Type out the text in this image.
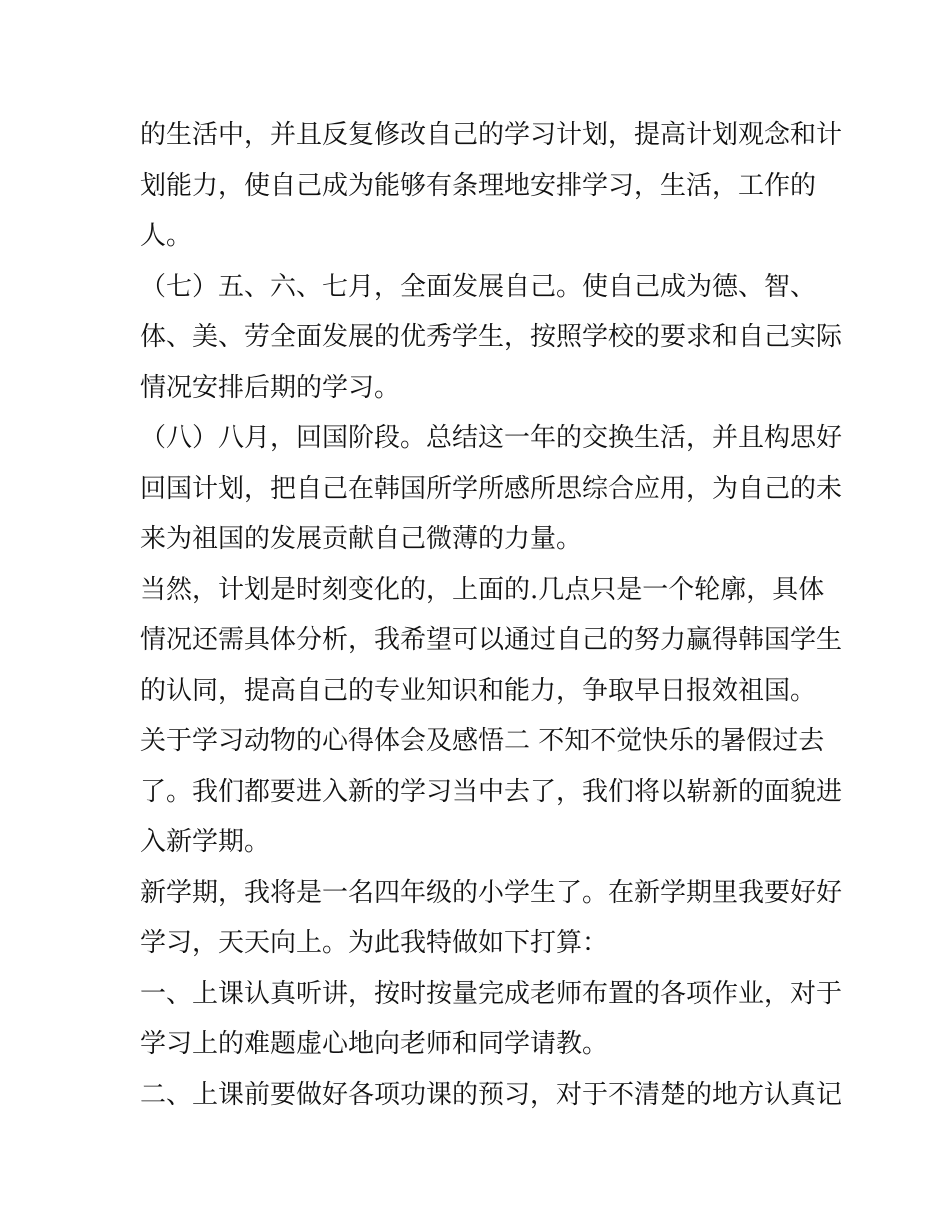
的生活中，并且反复修改自己的学习计划，提高计划观念和计
划能力，使自己成为能够有条理地安排学习，生活，工作的
人。
（七）五、六、七月，全面发展自己。使自己成为德、智、
体、美、劳全面发展的优秀学生，按照学校的要求和自己实际
情况安排后期的学习。
（八）八月，回国阶段。总结这一年的交换生活，并且构思好
回国计划，把自己在韩国所学所感所思综合应用，为自己的未
来为祖国的发展贡献自己微薄的力量。
当然，计划是时刻变化的，上面的.几点只是一个轮廓，具体
情况还需具体分析，我希望可以通过自己的努力赢得韩国学生
的认同，提高自己的专业知识和能力，争取早日报效祖国。
关于学习动物的心得体会及感悟二 不知不觉快乐的暑假过去
了。我们都要进入新的学习当中去了，我们将以崭新的面貌进
入新学期。
新学期，我将是一名四年级的小学生了。在新学期里我要好好
学习，天天向上。为此我特做如下打算：
一、上课认真听讲，按时按量完成老师布置的各项作业，对于
学习上的难题虚心地向老师和同学请教。
二、上课前要做好各项功课的预习，对于不清楚的地方认真记
